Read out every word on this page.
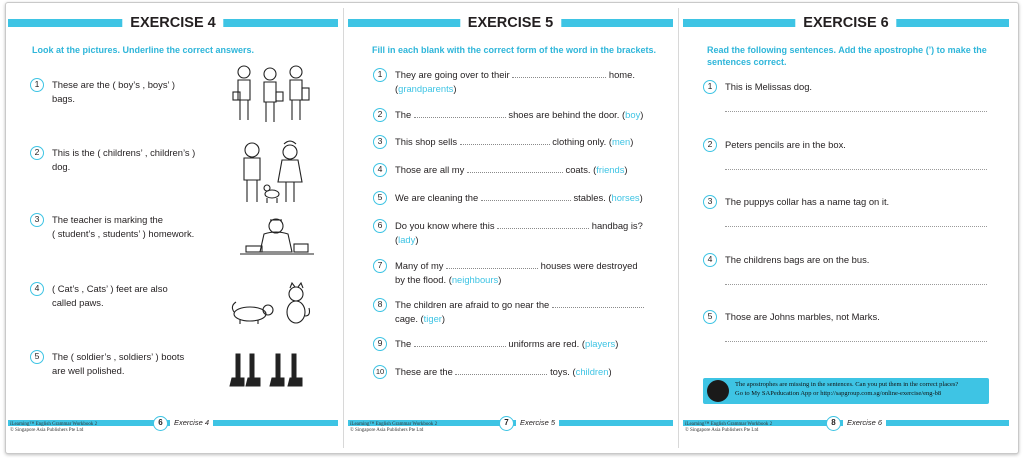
EXERCISE 4
Look at the pictures. Underline the correct answers.
1	These are the ( boy’s , boys’ )
bags.
2	This is the ( childrens’ , children’s )
dog.
3	The teacher is marking the
( student’s , students’ ) homework.
4	( Cat’s , Cats’ ) feet are also
called paws.
5	The ( soldier’s , soldiers’ ) boots
are well polished.
6	Exercise 4
iLearning™ English Grammar Workbook 2
© Singapore Asia Publishers Pte Ltd
EXERCISE 5
Fill in each blank with the correct form of the word in the brackets.
1	They are going over to their	home.
(grandparents)
2	The	shoes are behind the door. (boy)
3	This shop sells	clothing only. (men)
4	Those are all my	coats. (friends)
5	We are cleaning the	stables. (horses)
6	Do you know where this	handbag is?
(lady)
7	Many of my	houses were destroyed
by the flood. (neighbours)
8	The children are afraid to go near the
cage. (tiger)
9	The	uniforms are red. (players)
10	These are the	toys. (children)
7	Exercise 5
iLearning™ English Grammar Workbook 2
© Singapore Asia Publishers Pte Ltd
EXERCISE 6
Read the following sentences. Add the apostrophe (’) to make the sentences correct.
1	This is Melissas dog.
2	Peters pencils are in the box.
3	The puppys collar has a name tag on it.
4	The childrens bags are on the bus.
5	Those are Johns marbles, not Marks.
The apostrophes are missing in the sentences. Can you put them in the correct places?
Go to My SAPeducation App or http://sapgroup.com.sg/online-exercise/eng-b8
8	Exercise 6
iLearning™ English Grammar Workbook 2
© Singapore Asia Publishers Pte Ltd
